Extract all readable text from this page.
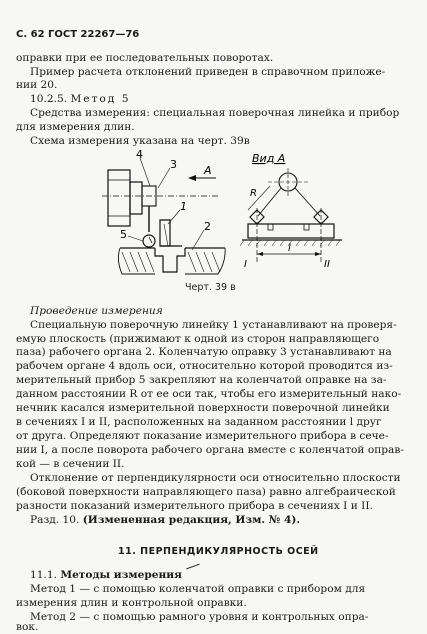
С. 62 ГОСТ 22267—76
оправки при ее последовательных поворотах.
Пример расчета отклонений приведен в справочном приложе-
нии 20.
10.2.5. Метод 5
Средства измерения: специальная поверочная линейка и прибор
для измерения длин.
Схема измерения указана на черт. 39в
4
3 А
1
2
5
Вид А
R
l
I	II
Черт. 39 в
Проведение измерения
Специальную поверочную линейку 1 устанавливают на проверя-
емую плоскость (прижимают к одной из сторон направляющего
паза) рабочего органа 2. Коленчатую оправку 3 устанавливают на
рабочем органе 4 вдоль оси, относительно которой проводится из-
мерительный прибор 5 закрепляют на коленчатой оправке на за-
данном расстоянии R от ее оси так, чтобы его измерительный нако-
нечник касался измерительной поверхности поверочной линейки
в сечениях I и II, расположенных на заданном расстоянии l друг
от друга. Определяют показание измерительного прибора в сече-
нии I, а после поворота рабочего органа вместе с коленчатой оправ-
кой — в сечении II.
Отклонение от перпендикулярности оси относительно плоскости
(боковой поверхности направляющего паза) равно алгебраической
разности показаний измерительного прибора в сечениях I и II.
Разд. 10. (Измененная редакция, Изм. № 4).
11. ПЕРПЕНДИКУЛЯРНОСТЬ ОСЕЙ
11.1. Методы измерения
Метод 1 — с помощью коленчатой оправки с прибором для
измерения длин и контрольной оправки.
Метод 2 — с помощью рамного уровня и контрольных опра-
вок.
